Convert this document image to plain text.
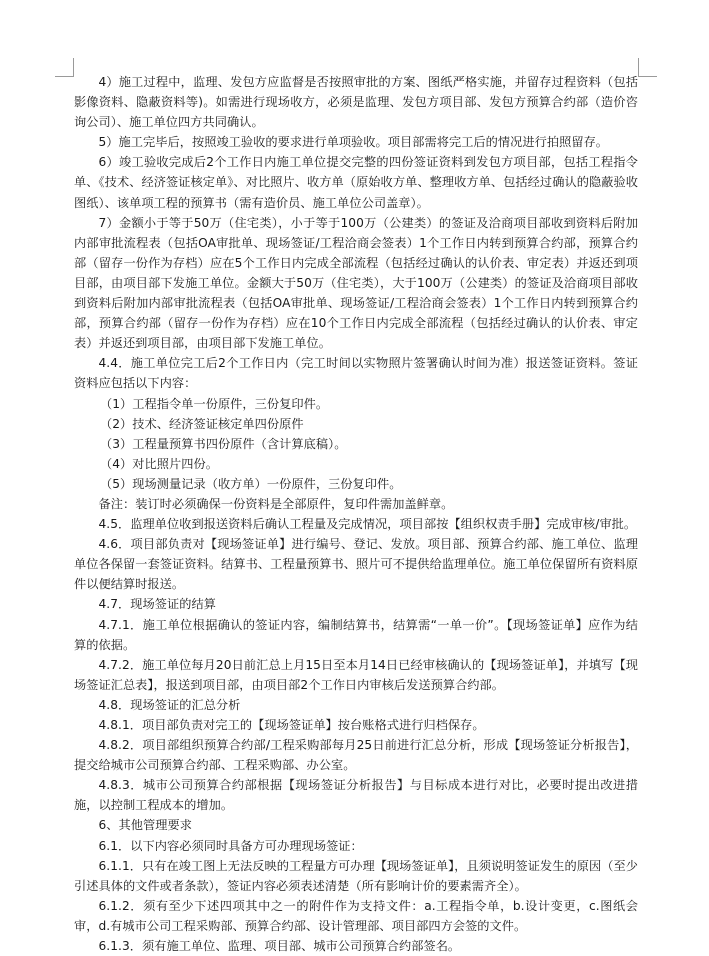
4）施工过程中，监理、发包方应监督是否按照审批的方案、图纸严格实施，并留存过程资料（包括影像资料、隐蔽资料等)。如需进行现场收方，必须是监理、发包方项目部、发包方预算合约部（造价咨询公司）、施工单位四方共同确认。

5）施工完毕后，按照竣工验收的要求进行单项验收。项目部需将完工后的情况进行拍照留存。

6）竣工验收完成后2个工作日内施工单位提交完整的四份签证资料到发包方项目部，包括工程指令单、《技术、经济签证核定单》、对比照片、收方单（原始收方单、整理收方单、包括经过确认的隐蔽验收图纸）、该单项工程的预算书（需有造价员、施工单位公司盖章）。

7）金额小于等于50万（住宅类），小于等于100万（公建类）的签证及洽商项目部收到资料后附加内部审批流程表（包括OA审批单、现场签证/工程洽商会签表）1个工作日内转到预算合约部，预算合约部（留存一份作为存档）应在5个工作日内完成全部流程（包括经过确认的认价表、审定表）并返还到项目部，由项目部下发施工单位。金额大于50万（住宅类），大于100万（公建类）的签证及洽商项目部收到资料后附加内部审批流程表（包括OA审批单、现场签证/工程洽商会签表）1个工作日内转到预算合约部，预算合约部（留存一份作为存档）应在10个工作日内完成全部流程（包括经过确认的认价表、审定表）并返还到项目部，由项目部下发施工单位。

4.4．施工单位完工后2个工作日内（完工时间以实物照片签署确认时间为准）报送签证资料。签证资料应包括以下内容：

（1）工程指令单一份原件，三份复印件。

（2）技术、经济签证核定单四份原件

（3）工程量预算书四份原件（含计算底稿）。

（4）对比照片四份。

（5）现场测量记录（收方单）一份原件，三份复印件。

备注：装订时必须确保一份资料是全部原件，复印件需加盖鲜章。

4.5．监理单位收到报送资料后确认工程量及完成情况，项目部按【组织权责手册】完成审核/审批。

4.6．项目部负责对【现场签证单】进行编号、登记、发放。项目部、预算合约部、施工单位、监理单位各保留一套签证资料。结算书、工程量预算书、照片可不提供给监理单位。施工单位保留所有资料原件以便结算时报送。

4.7．现场签证的结算

4.7.1．施工单位根据确认的签证内容，编制结算书，结算需“一单一价”。【现场签证单】应作为结算的依据。

4.7.2．施工单位每月20日前汇总上月15日至本月14日已经审核确认的【现场签证单】，并填写【现场签证汇总表】，报送到项目部，由项目部2个工作日内审核后发送预算合约部。

4.8．现场签证的汇总分析

4.8.1．项目部负责对完工的【现场签证单】按台账格式进行归档保存。

4.8.2．项目部组织预算合约部/工程采购部每月25日前进行汇总分析，形成【现场签证分析报告】，提交给城市公司预算合约部、工程采购部、办公室。

4.8.3．城市公司预算合约部根据【现场签证分析报告】与目标成本进行对比，必要时提出改进措施，以控制工程成本的增加。

6、其他管理要求

6.1．以下内容必须同时具备方可办理现场签证：

6.1.1．只有在竣工图上无法反映的工程量方可办理【现场签证单】，且须说明签证发生的原因（至少引述具体的文件或者条款），签证内容必须表述清楚（所有影响计价的要素需齐全）。

6.1.2．须有至少下述四项其中之一的附件作为支持文件：a.工程指令单，b.设计变更，c.图纸会审，d.有城市公司工程采购部、预算合约部、设计管理部、项目部四方会签的文件。

6.1.3．须有施工单位、监理、项目部、城市公司预算合约部签名。
